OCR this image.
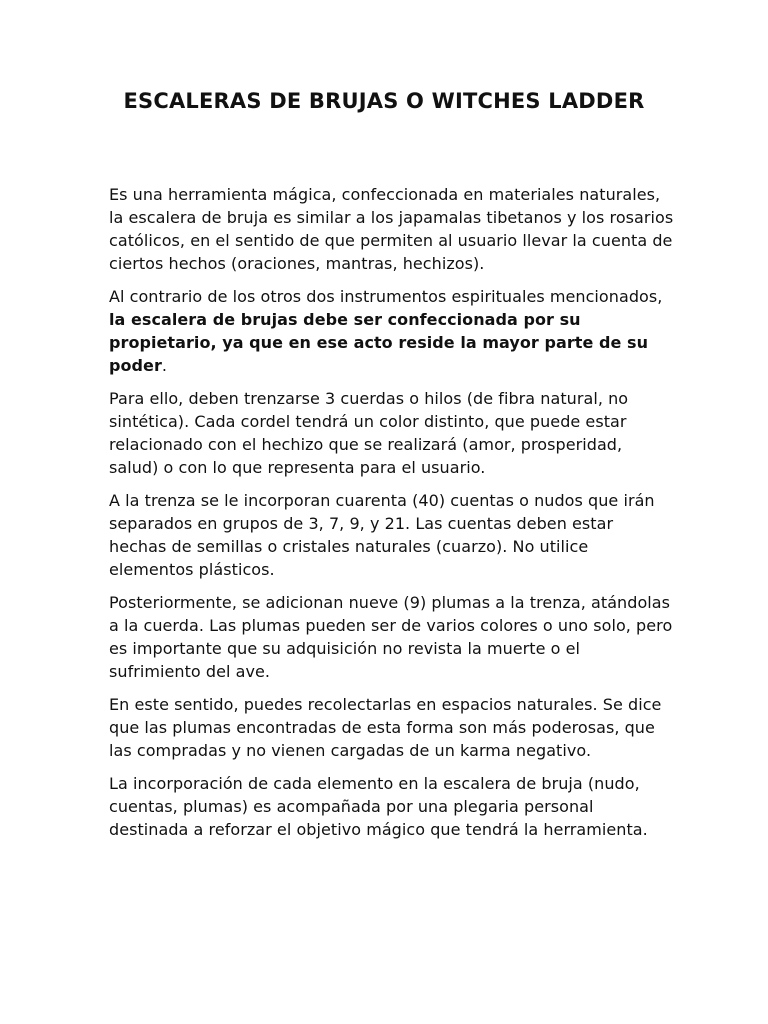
ESCALERAS DE BRUJAS O WITCHES LADDER

Es una herramienta mágica, confeccionada en materiales naturales, la escalera de bruja es similar a los japamalas tibetanos y los rosarios católicos, en el sentido de que permiten al usuario llevar la cuenta de ciertos hechos (oraciones, mantras, hechizos).

Al contrario de los otros dos instrumentos espirituales mencionados, la escalera de brujas debe ser confeccionada por su propietario, ya que en ese acto reside la mayor parte de su poder.

Para ello, deben trenzarse 3 cuerdas o hilos (de fibra natural, no sintética). Cada cordel tendrá un color distinto, que puede estar relacionado con el hechizo que se realizará (amor, prosperidad, salud) o con lo que representa para el usuario.

A la trenza se le incorporan cuarenta (40) cuentas o nudos que irán separados en grupos de 3, 7, 9, y 21. Las cuentas deben estar hechas de semillas o cristales naturales (cuarzo). No utilice elementos plásticos.

Posteriormente, se adicionan nueve (9) plumas a la trenza, atándolas a la cuerda. Las plumas pueden ser de varios colores o uno solo, pero es importante que su adquisición no revista la muerte o el sufrimiento del ave.

En este sentido, puedes recolectarlas en espacios naturales. Se dice que las plumas encontradas de esta forma son más poderosas, que las compradas y no vienen cargadas de un karma negativo.

La incorporación de cada elemento en la escalera de bruja (nudo, cuentas, plumas) es acompañada por una plegaria personal destinada a reforzar el objetivo mágico que tendrá la herramienta.
